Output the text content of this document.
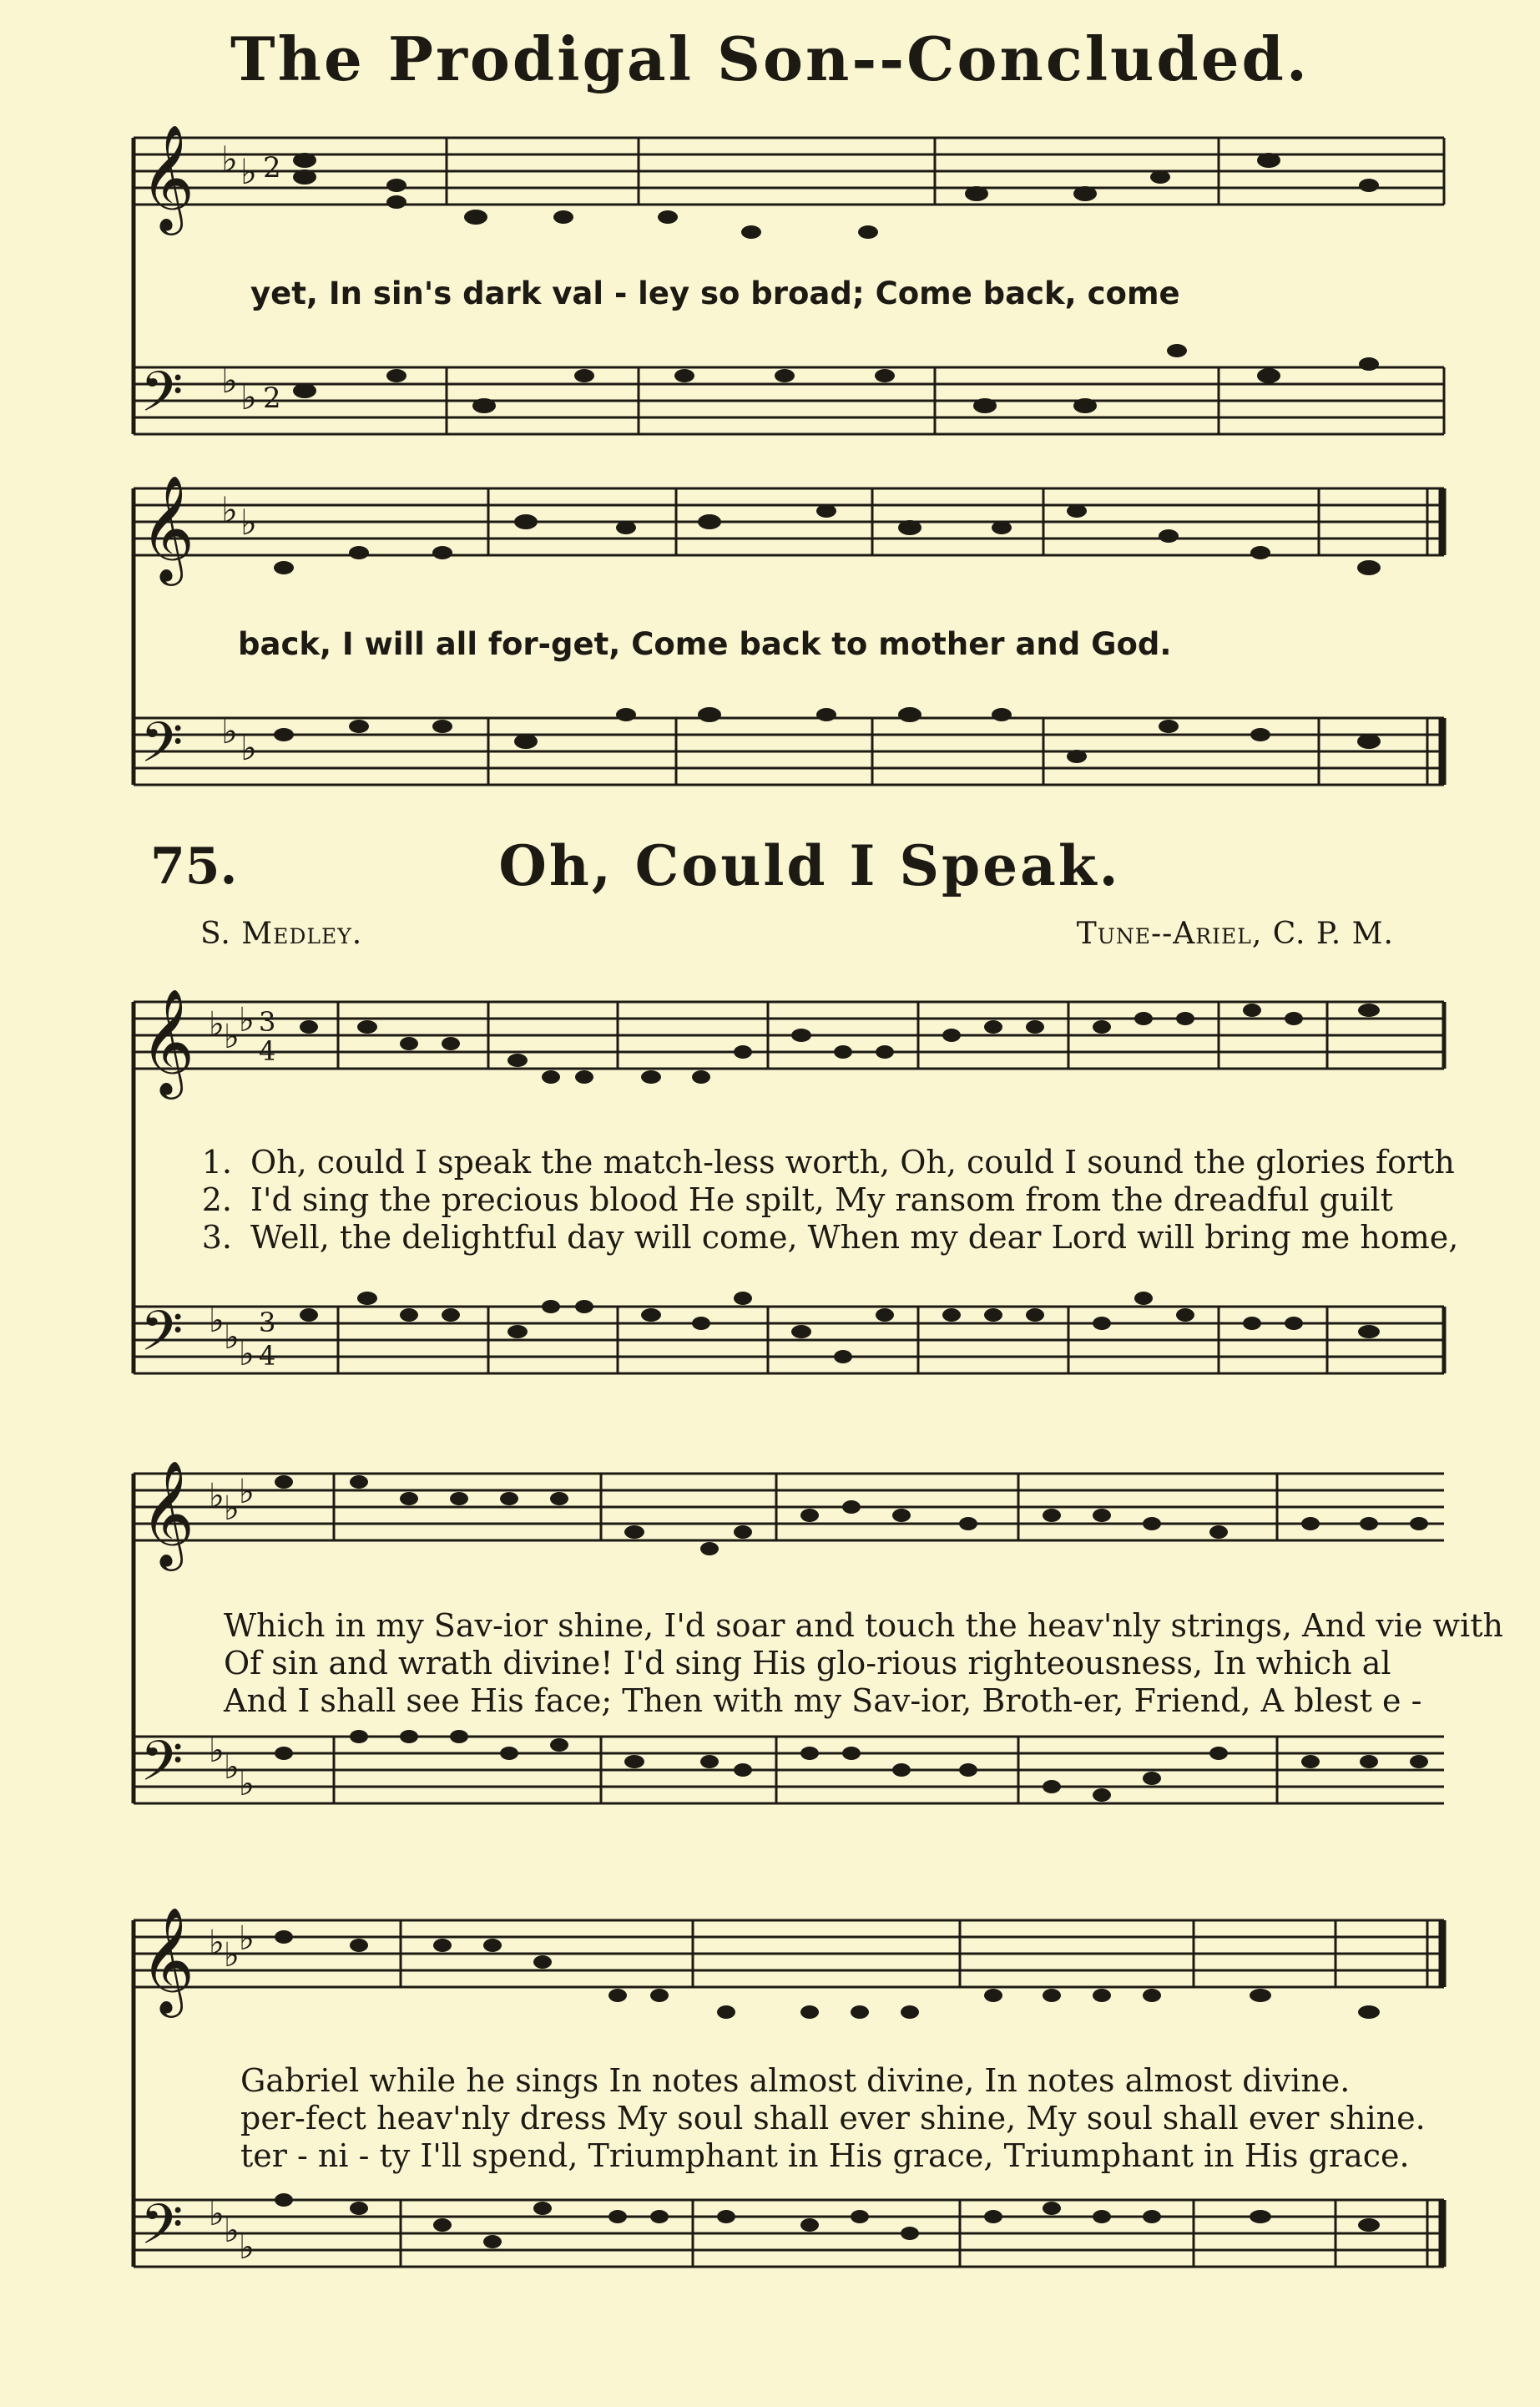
The Prodigal Son--Concluded.
𝄞
𝄢
♭ ♭
♭ ♭
2
2
yet, In sin's dark val - ley so broad; Come back, come
𝄞
𝄢
♭ ♭
♭ ♭
back, I will all for-get, Come back to mother and God.
75.	Oh, Could I Speak.
S. Medley.	Tune--Ariel, C. P. M.
𝄞
𝄢
♭ ♭ ♭
♭ ♭ ♭
3
4
3
4
1. Oh, could I speak the match-less worth, Oh, could I sound the glories forth
2. I'd sing the precious blood He spilt, My ransom from the dreadful guilt
3. Well, the delightful day will come, When my dear Lord will bring me home,
𝄞
𝄢
♭ ♭ ♭
♭ ♭ ♭
Which in my Sav-ior shine, I'd soar and touch the heav'nly strings, And vie with
Of sin and wrath divine! I'd sing His glo-rious righteousness, In which al
And I shall see His face; Then with my Sav-ior, Broth-er, Friend, A blest e -
𝄞
𝄢
♭ ♭ ♭
♭ ♭ ♭
Gabriel while he sings In notes almost divine, In notes almost divine.
per-fect heav'nly dress My soul shall ever shine, My soul shall ever shine.
ter - ni - ty I'll spend, Triumphant in His grace, Triumphant in His grace.
